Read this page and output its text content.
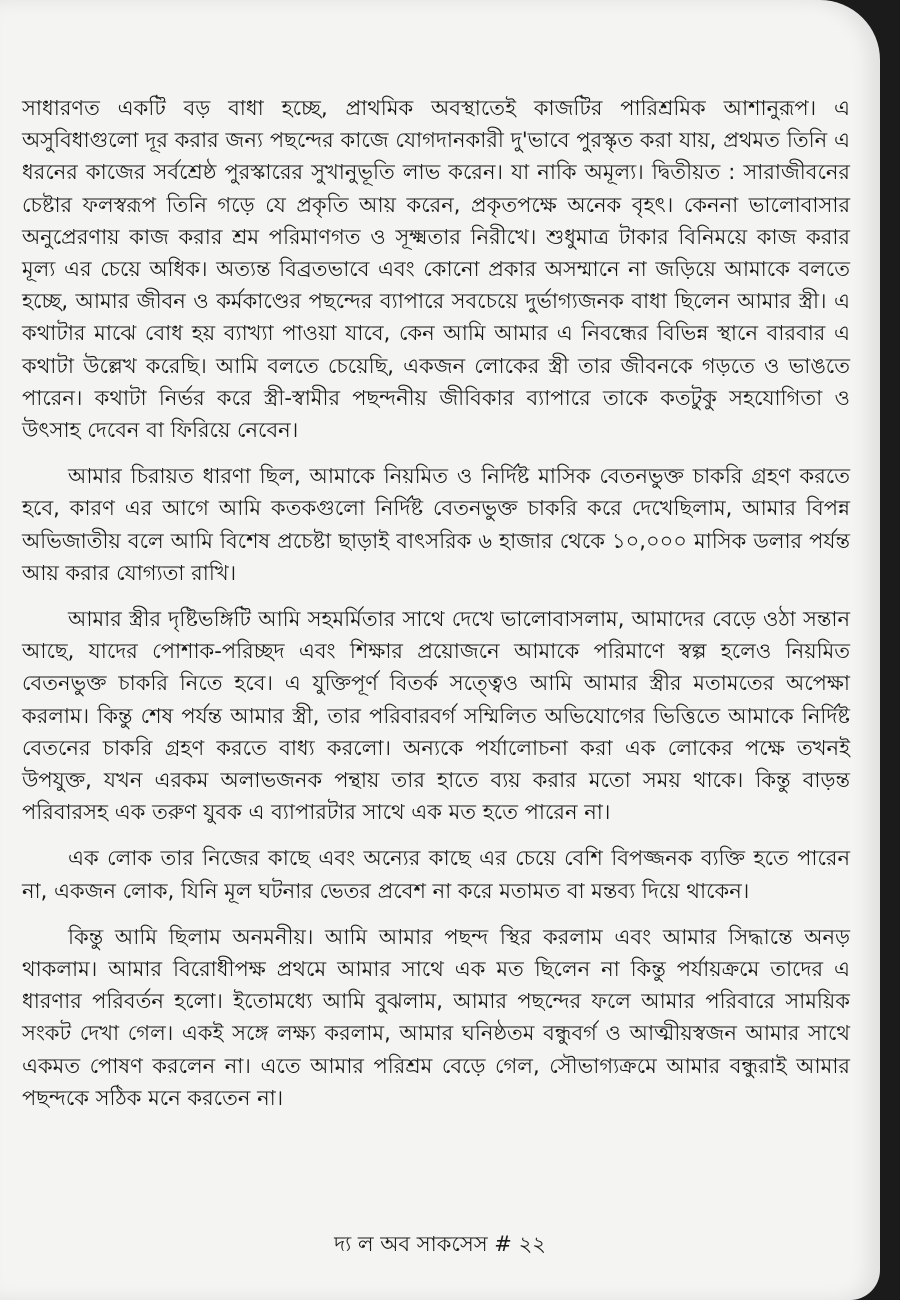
সাধারণত একটি বড় বাধা হচ্ছে, প্রাথমিক অবস্থাতেই কাজটির পারিশ্রমিক আশানুরূপ। এ অসুবিধাগুলো দূর করার জন্য পছন্দের কাজে যোগদানকারী দু'ভাবে পুরস্কৃত করা যায়, প্রথমত তিনি এ ধরনের কাজের সর্বশ্রেষ্ঠ পুরস্কারের সুখানুভূতি লাভ করেন। যা নাকি অমূল্য। দ্বিতীয়ত : সারাজীবনের চেষ্টার ফলস্বরূপ তিনি গড়ে যে প্রকৃতি আয় করেন, প্রকৃতপক্ষে অনেক বৃহৎ। কেননা ভালোবাসার অনুপ্রেরণায় কাজ করার শ্রম পরিমাণগত ও সূক্ষ্মতার নিরীখে। শুধুমাত্র টাকার বিনিময়ে কাজ করার মূল্য এর চেয়ে অধিক। অত্যন্ত বিব্রতভাবে এবং কোনো প্রকার অসম্মানে না জড়িয়ে আমাকে বলতে হচ্ছে, আমার জীবন ও কর্মকাণ্ডের পছন্দের ব্যাপারে সবচেয়ে দুর্ভাগ্যজনক বাধা ছিলেন আমার স্ত্রী। এ কথাটার মাঝে বোধ হয় ব্যাখ্যা পাওয়া যাবে, কেন আমি আমার এ নিবন্ধের বিভিন্ন স্থানে বারবার এ কথাটা উল্লেখ করেছি। আমি বলতে চেয়েছি, একজন লোকের স্ত্রী তার জীবনকে গড়তে ও ভাঙতে পারেন। কথাটা নির্ভর করে স্ত্রী-স্বামীর পছন্দনীয় জীবিকার ব্যাপারে তাকে কতটুকু সহযোগিতা ও উৎসাহ দেবেন বা ফিরিয়ে নেবেন।

আমার চিরায়ত ধারণা ছিল, আমাকে নিয়মিত ও নির্দিষ্ট মাসিক বেতনভুক্ত চাকরি গ্রহণ করতে হবে, কারণ এর আগে আমি কতকগুলো নির্দিষ্ট বেতনভুক্ত চাকরি করে দেখেছিলাম, আমার বিপন্ন অভিজাতীয় বলে আমি বিশেষ প্রচেষ্টা ছাড়াই বাৎসরিক ৬ হাজার থেকে ১০,০০০ মাসিক ডলার পর্যন্ত আয় করার যোগ্যতা রাখি।

আমার স্ত্রীর দৃষ্টিভঙ্গিটি আমি সহমর্মিতার সাথে দেখে ভালোবাসলাম, আমাদের বেড়ে ওঠা সন্তান আছে, যাদের পোশাক-পরিচ্ছদ এবং শিক্ষার প্রয়োজনে আমাকে পরিমাণে স্বল্প হলেও নিয়মিত বেতনভুক্ত চাকরি নিতে হবে। এ যুক্তিপূর্ণ বিতর্ক সত্ত্বেও আমি আমার স্ত্রীর মতামতের অপেক্ষা করলাম। কিন্তু শেষ পর্যন্ত আমার স্ত্রী, তার পরিবারবর্গ সম্মিলিত অভিযোগের ভিত্তিতে আমাকে নির্দিষ্ট বেতনের চাকরি গ্রহণ করতে বাধ্য করলো। অন্যকে পর্যালোচনা করা এক লোকের পক্ষে তখনই উপযুক্ত, যখন এরকম অলাভজনক পন্থায় তার হাতে ব্যয় করার মতো সময় থাকে। কিন্তু বাড়ন্ত পরিবারসহ এক তরুণ যুবক এ ব্যাপারটার সাথে এক মত হতে পারেন না।

এক লোক তার নিজের কাছে এবং অন্যের কাছে এর চেয়ে বেশি বিপজ্জনক ব্যক্তি হতে পারেন না, একজন লোক, যিনি মূল ঘটনার ভেতর প্রবেশ না করে মতামত বা মন্তব্য দিয়ে থাকেন।

কিন্তু আমি ছিলাম অনমনীয়। আমি আমার পছন্দ স্থির করলাম এবং আমার সিদ্ধান্তে অনড় থাকলাম। আমার বিরোধীপক্ষ প্রথমে আমার সাথে এক মত ছিলেন না কিন্তু পর্যায়ক্রমে তাদের এ ধারণার পরিবর্তন হলো। ইতোমধ্যে আমি বুঝলাম, আমার পছন্দের ফলে আমার পরিবারে সাময়িক সংকট দেখা গেল। একই সঙ্গে লক্ষ্য করলাম, আমার ঘনিষ্ঠতম বন্ধুবর্গ ও আত্মীয়স্বজন আমার সাথে একমত পোষণ করলেন না। এতে আমার পরিশ্রম বেড়ে গেল, সৌভাগ্যক্রমে আমার বন্ধুরাই আমার পছন্দকে সঠিক মনে করতেন না।

দ্য ল অব সাকসেস # ২২
